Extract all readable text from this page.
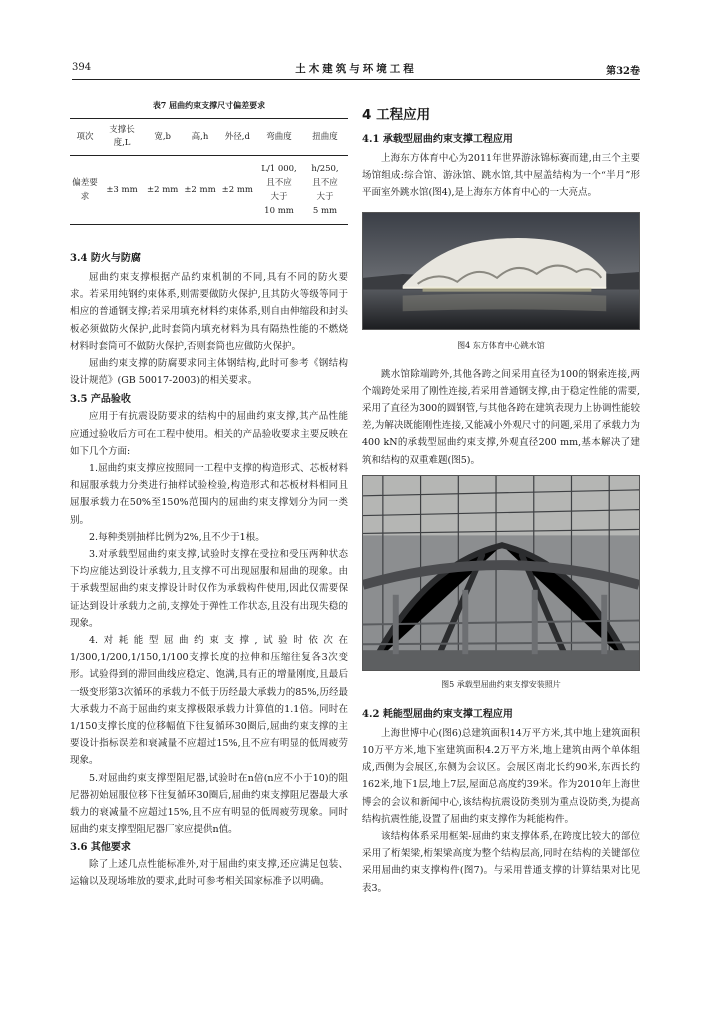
394	土木建筑与环境工程	第32卷
表7 屈曲约束支撑尺寸偏差要求
项次	支撑长度,L	宽,b	高,h	外径,d	弯曲度	扭曲度
偏差要求	±3 mm	±2 mm	±2 mm	±2 mm	L/1 000,
且不应
大于
10 mm	h/250,
且不应
大于
5 mm
3.4 防火与防腐

屈曲约束支撑根据产品约束机制的不同,具有不同的防火要求。若采用纯钢约束体系,则需要做防火保护,且其防火等级等同于相应的普通钢支撑;若采用填充材料约束体系,则自由伸缩段和封头板必须做防火保护,此时套筒内填充材料为具有隔热性能的不燃烧材料时套筒可不做防火保护,否则套筒也应做防火保护。

屈曲约束支撑的防腐要求同主体钢结构,此时可参考《钢结构设计规范》(GB 50017-2003)的相关要求。

3.5 产品验收

应用于有抗震设防要求的结构中的屈曲约束支撑,其产品性能应通过验收后方可在工程中使用。相关的产品验收要求主要反映在如下几个方面:

1.屈曲约束支撑应按照同一工程中支撑的构造形式、芯板材料和屈服承载力分类进行抽样试验检验,构造形式和芯板材料相同且屈服承载力在50%至150%范围内的屈曲约束支撑划分为同一类别。

2.每种类别抽样比例为2%,且不少于1根。

3.对承载型屈曲约束支撑,试验时支撑在受拉和受压两种状态下均应能达到设计承载力,且支撑不可出现屈服和屈曲的现象。由于承载型屈曲约束支撑设计时仅作为承载构件使用,因此仅需要保证达到设计承载力之前,支撑处于弹性工作状态,且没有出现失稳的现象。

4.对耗能型屈曲约束支撑,试验时依次在1/300,1/200,1/150,1/100支撑长度的拉伸和压缩往复各3次变形。试验得到的滞回曲线应稳定、饱满,具有正的增量刚度,且最后一级变形第3次循环的承载力不低于历经最大承载力的85%,历经最大承载力不高于屈曲约束支撑极限承载力计算值的1.1倍。同时在1/150支撑长度的位移幅值下往复循环30圈后,屈曲约束支撑的主要设计指标误差和衰减量不应超过15%,且不应有明显的低周疲劳现象。

5.对屈曲约束支撑型阻尼器,试验时在n倍(n应不小于10)的阻尼器初始屈服位移下往复循环30圈后,屈曲约束支撑阻尼器最大承载力的衰减量不应超过15%,且不应有明显的低周疲劳现象。同时屈曲约束支撑型阻尼器厂家应提供n值。

3.6 其他要求

除了上述几点性能标准外,对于屈曲约束支撑,还应满足包装、运输以及现场堆放的要求,此时可参考相关国家标准予以明确。

4 工程应用
4.1 承载型屈曲约束支撑工程应用

上海东方体育中心为2011年世界游泳锦标赛而建,由三个主要场馆组成:综合馆、游泳馆、跳水馆,其中屋盖结构为一个“半月”形平面室外跳水馆(图4),是上海东方体育中心的一大亮点。

图4 东方体育中心跳水馆

跳水馆除端跨外,其他各跨之间采用直径为100的钢索连接,两个端跨处采用了刚性连接,若采用普通钢支撑,由于稳定性能的需要,采用了直径为300的圆钢管,与其他各跨在建筑表现力上协调性能较差,为解决既能刚性连接,又能减小外观尺寸的问题,采用了承载力为400 kN的承载型屈曲约束支撑,外观直径200 mm,基本解决了建筑和结构的双重难题(图5)。

图5 承载型屈曲约束支撑安装照片
4.2 耗能型屈曲约束支撑工程应用

上海世博中心(图6)总建筑面积14万平方米,其中地上建筑面积10万平方米,地下室建筑面积4.2万平方米,地上建筑由两个单体组成,西侧为会展区,东侧为会议区。会展区南北长约90米,东西长约162米,地下1层,地上7层,屋面总高度约39米。作为2010年上海世博会的会议和新闻中心,该结构抗震设防类别为重点设防类,为提高结构抗震性能,设置了屈曲约束支撑作为耗能构件。

该结构体系采用框架-屈曲约束支撑体系,在跨度比较大的部位采用了桁架梁,桁架梁高度为整个结构层高,同时在结构的关键部位采用屈曲约束支撑构件(图7)。与采用普通支撑的计算结果对比见表3。
